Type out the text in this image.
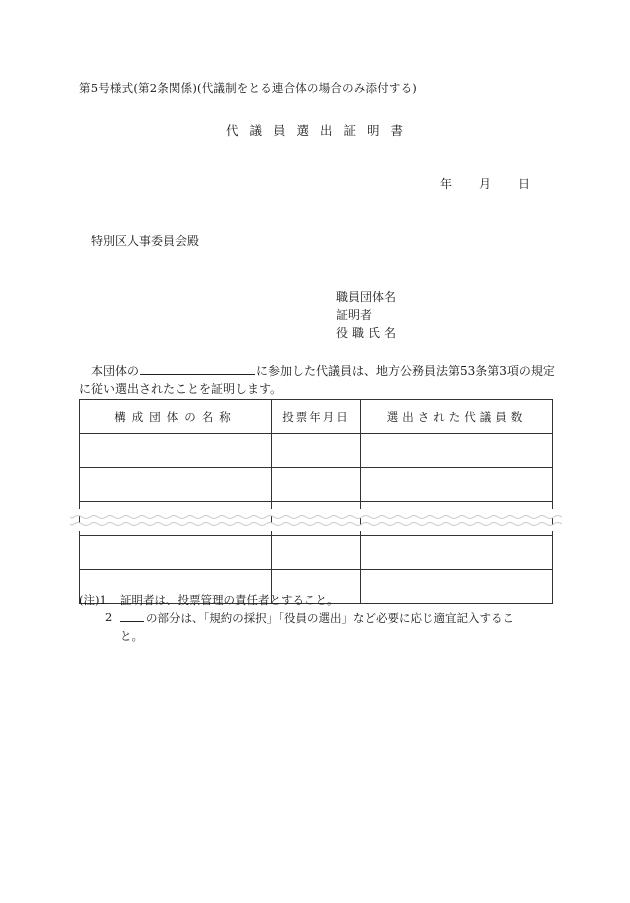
第5号様式(第2条関係)(代議制をとる連合体の場合のみ添付する)
代議員選出証明書
年 月 日
特別区人事委員会殿
職員団体名
証明者
役職氏名
本団体の	に参加した代議員は、地方公務員法第53条第3項の規定
に従い選出されたことを証明します。
構成団体の名称	投票年月日	選出された代議員数

(注)1 証明者は、投票管理の責任者とすること。
2	の部分は、「規約の採択」「役員の選出」など必要に応じ適宜記入するこ
と。
